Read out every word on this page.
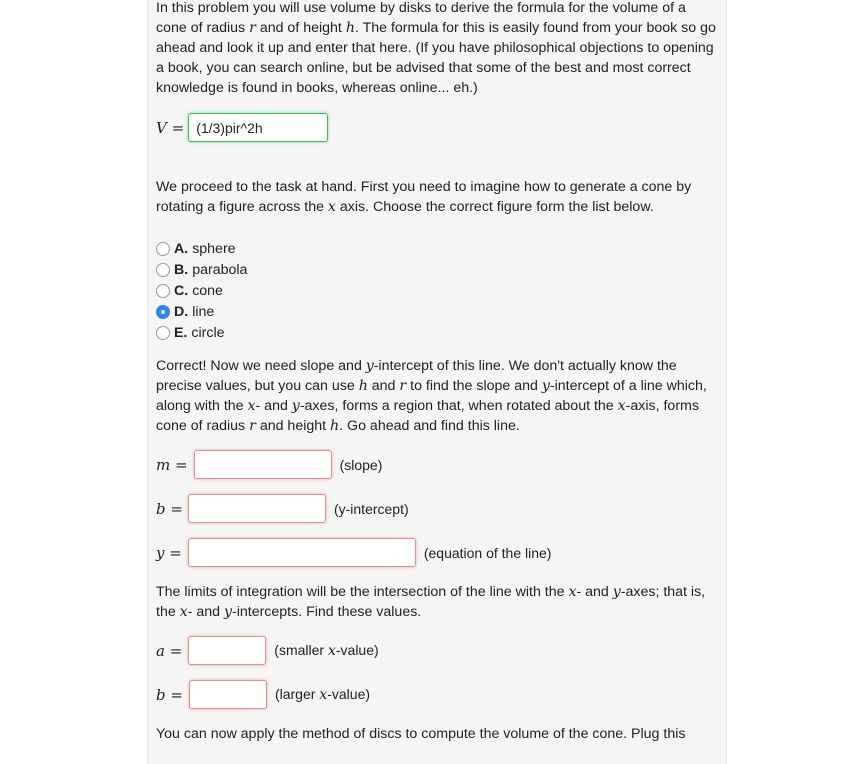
In this problem you will use volume by disks to derive the formula for the volume of a cone of radius r and of height h. The formula for this is easily found from your book so go ahead and look it up and enter that here. (If you have philosophical objections to opening a book, you can search online, but be advised that some of the best and most correct knowledge is found in books, whereas online... eh.)

V =
(1/3)pir^2h

We proceed to the task at hand. First you need to imagine how to generate a cone by rotating a figure across the x axis. Choose the correct figure form the list below.

A. sphere
B. parabola
C. cone
D. line
E. circle

Correct! Now we need slope and y-intercept of this line. We don't actually know the precise values, but you can use h and r to find the slope and y-intercept of a line which, along with the x- and y-axes, forms a region that, when rotated about the x-axis, forms cone of radius r and height h. Go ahead and find this line.

m =	(slope)
b =	(y-intercept)
y =	(equation of the line)

The limits of integration will be the intersection of the line with the x- and y-axes; that is, the x- and y-intercepts. Find these values.

a =	(smaller x-value)
b =	(larger x-value)

You can now apply the method of discs to compute the volume of the cone. Plug this
